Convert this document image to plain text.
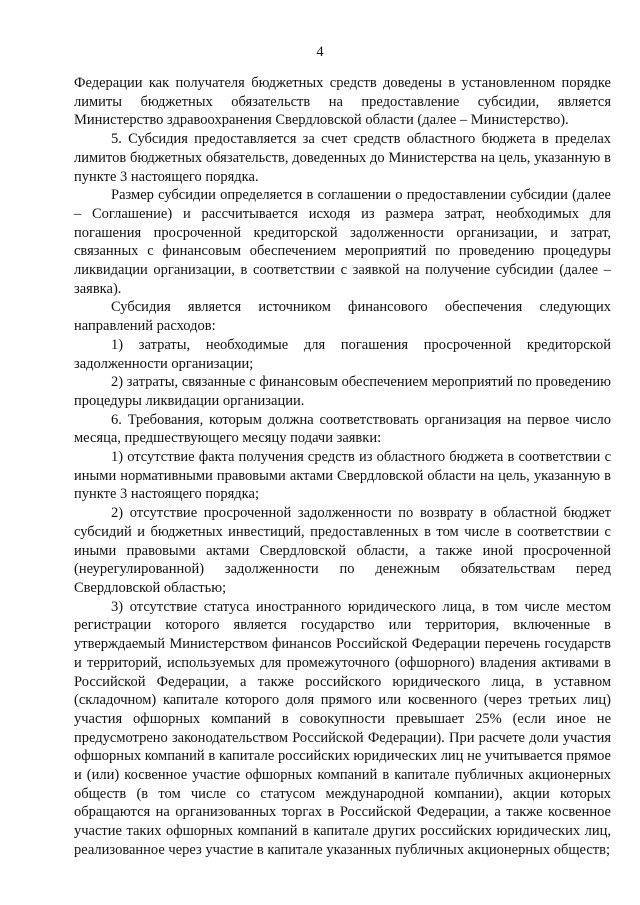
4

Федерации как получателя бюджетных средств доведены в установленном порядке лимиты бюджетных обязательств на предоставление субсидии, является Министерство здравоохранения Свердловской области (далее – Министерство).

5. Субсидия предоставляется за счет средств областного бюджета в пределах лимитов бюджетных обязательств, доведенных до Министерства на цель, указанную в пункте 3 настоящего порядка.

Размер субсидии определяется в соглашении о предоставлении субсидии (далее – Соглашение) и рассчитывается исходя из размера затрат, необходимых для погашения просроченной кредиторской задолженности организации, и затрат, связанных с финансовым обеспечением мероприятий по проведению процедуры ликвидации организации, в соответствии с заявкой на получение субсидии (далее – заявка).

Субсидия является источником финансового обеспечения следующих направлений расходов:

1) затраты, необходимые для погашения просроченной кредиторской задолженности организации;

2) затраты, связанные с финансовым обеспечением мероприятий по проведению процедуры ликвидации организации.

6. Требования, которым должна соответствовать организация на первое число месяца, предшествующего месяцу подачи заявки:

1) отсутствие факта получения средств из областного бюджета в соответствии с иными нормативными правовыми актами Свердловской области на цель, указанную в пункте 3 настоящего порядка;

2) отсутствие просроченной задолженности по возврату в областной бюджет субсидий и бюджетных инвестиций, предоставленных в том числе в соответствии с иными правовыми актами Свердловской области, а также иной просроченной (неурегулированной) задолженности по денежным обязательствам перед Свердловской областью;

3) отсутствие статуса иностранного юридического лица, в том числе местом регистрации которого является государство или территория, включенные в утверждаемый Министерством финансов Российской Федерации перечень государств и территорий, используемых для промежуточного (офшорного) владения активами в Российской Федерации, а также российского юридического лица, в уставном (складочном) капитале которого доля прямого или косвенного (через третьих лиц) участия офшорных компаний в совокупности превышает 25% (если иное не предусмотрено законодательством Российской Федерации). При расчете доли участия офшорных компаний в капитале российских юридических лиц не учитывается прямое и (или) косвенное участие офшорных компаний в капитале публичных акционерных обществ (в том числе со статусом международной компании), акции которых обращаются на организованных торгах в Российской Федерации, а также косвенное участие таких офшорных компаний в капитале других российских юридических лиц, реализованное через участие в капитале указанных публичных акционерных обществ;
